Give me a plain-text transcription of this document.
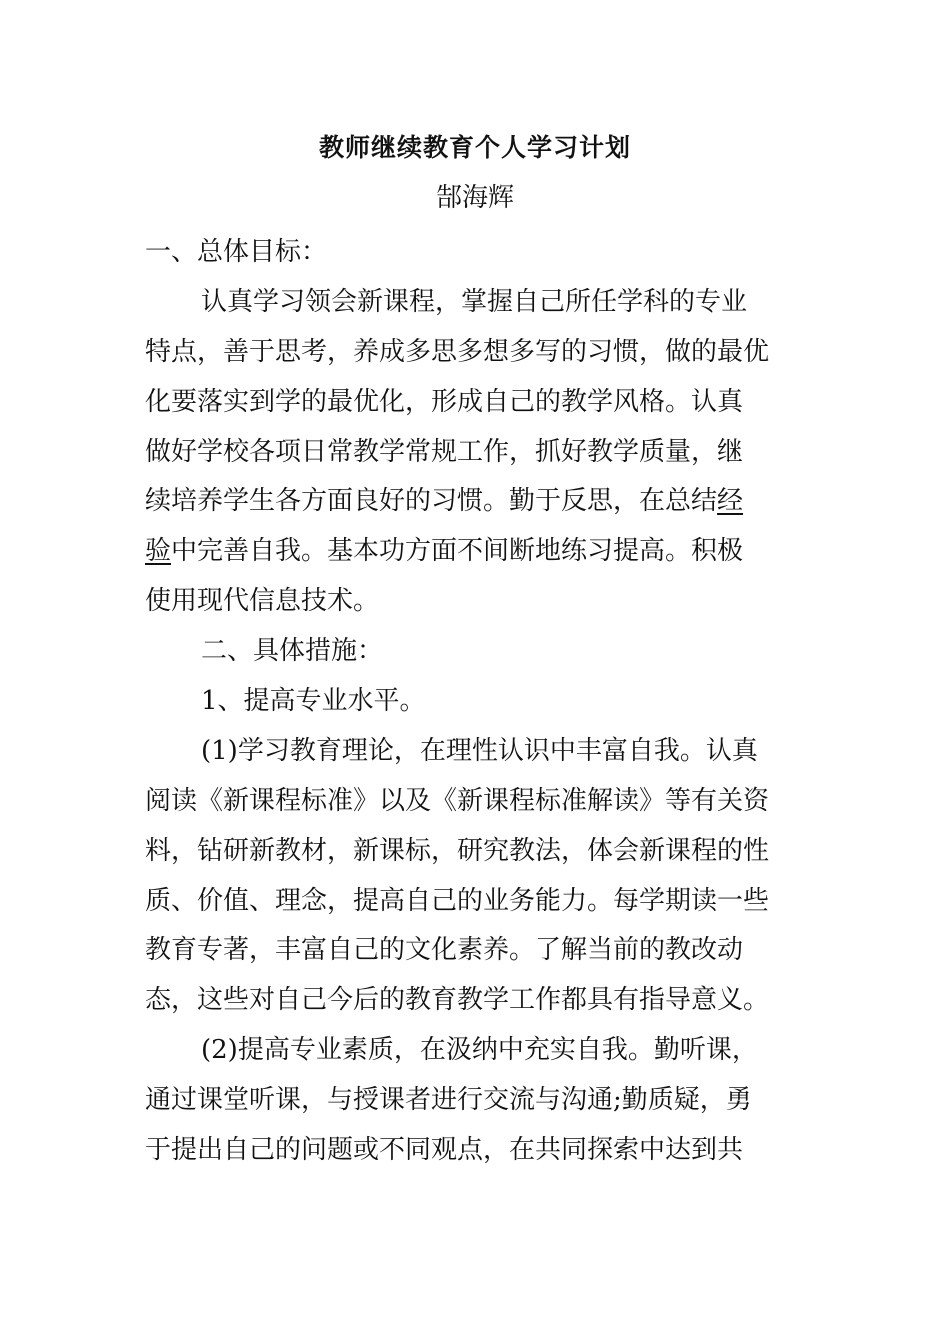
教师继续教育个人学习计划
郜海辉
一、总体目标：
认真学习领会新课程，掌握自己所任学科的专业
特点，善于思考，养成多思多想多写的习惯，做的最优
化要落实到学的最优化，形成自己的教学风格。认真
做好学校各项日常教学常规工作，抓好教学质量，继
续培养学生各方面良好的习惯。勤于反思，在总结经
验中完善自我。基本功方面不间断地练习提高。积极
使用现代信息技术。
二、具体措施：
1、提高专业水平。
(1)学习教育理论，在理性认识中丰富自我。认真
阅读《新课程标准》以及《新课程标准解读》等有关资
料，钻研新教材，新课标，研究教法，体会新课程的性
质、价值、理念，提高自己的业务能力。每学期读一些
教育专著，丰富自己的文化素养。了解当前的教改动
态，这些对自己今后的教育教学工作都具有指导意义。
(2)提高专业素质，在汲纳中充实自我。勤听课，
通过课堂听课，与授课者进行交流与沟通;勤质疑，勇
于提出自己的问题或不同观点，在共同探索中达到共
